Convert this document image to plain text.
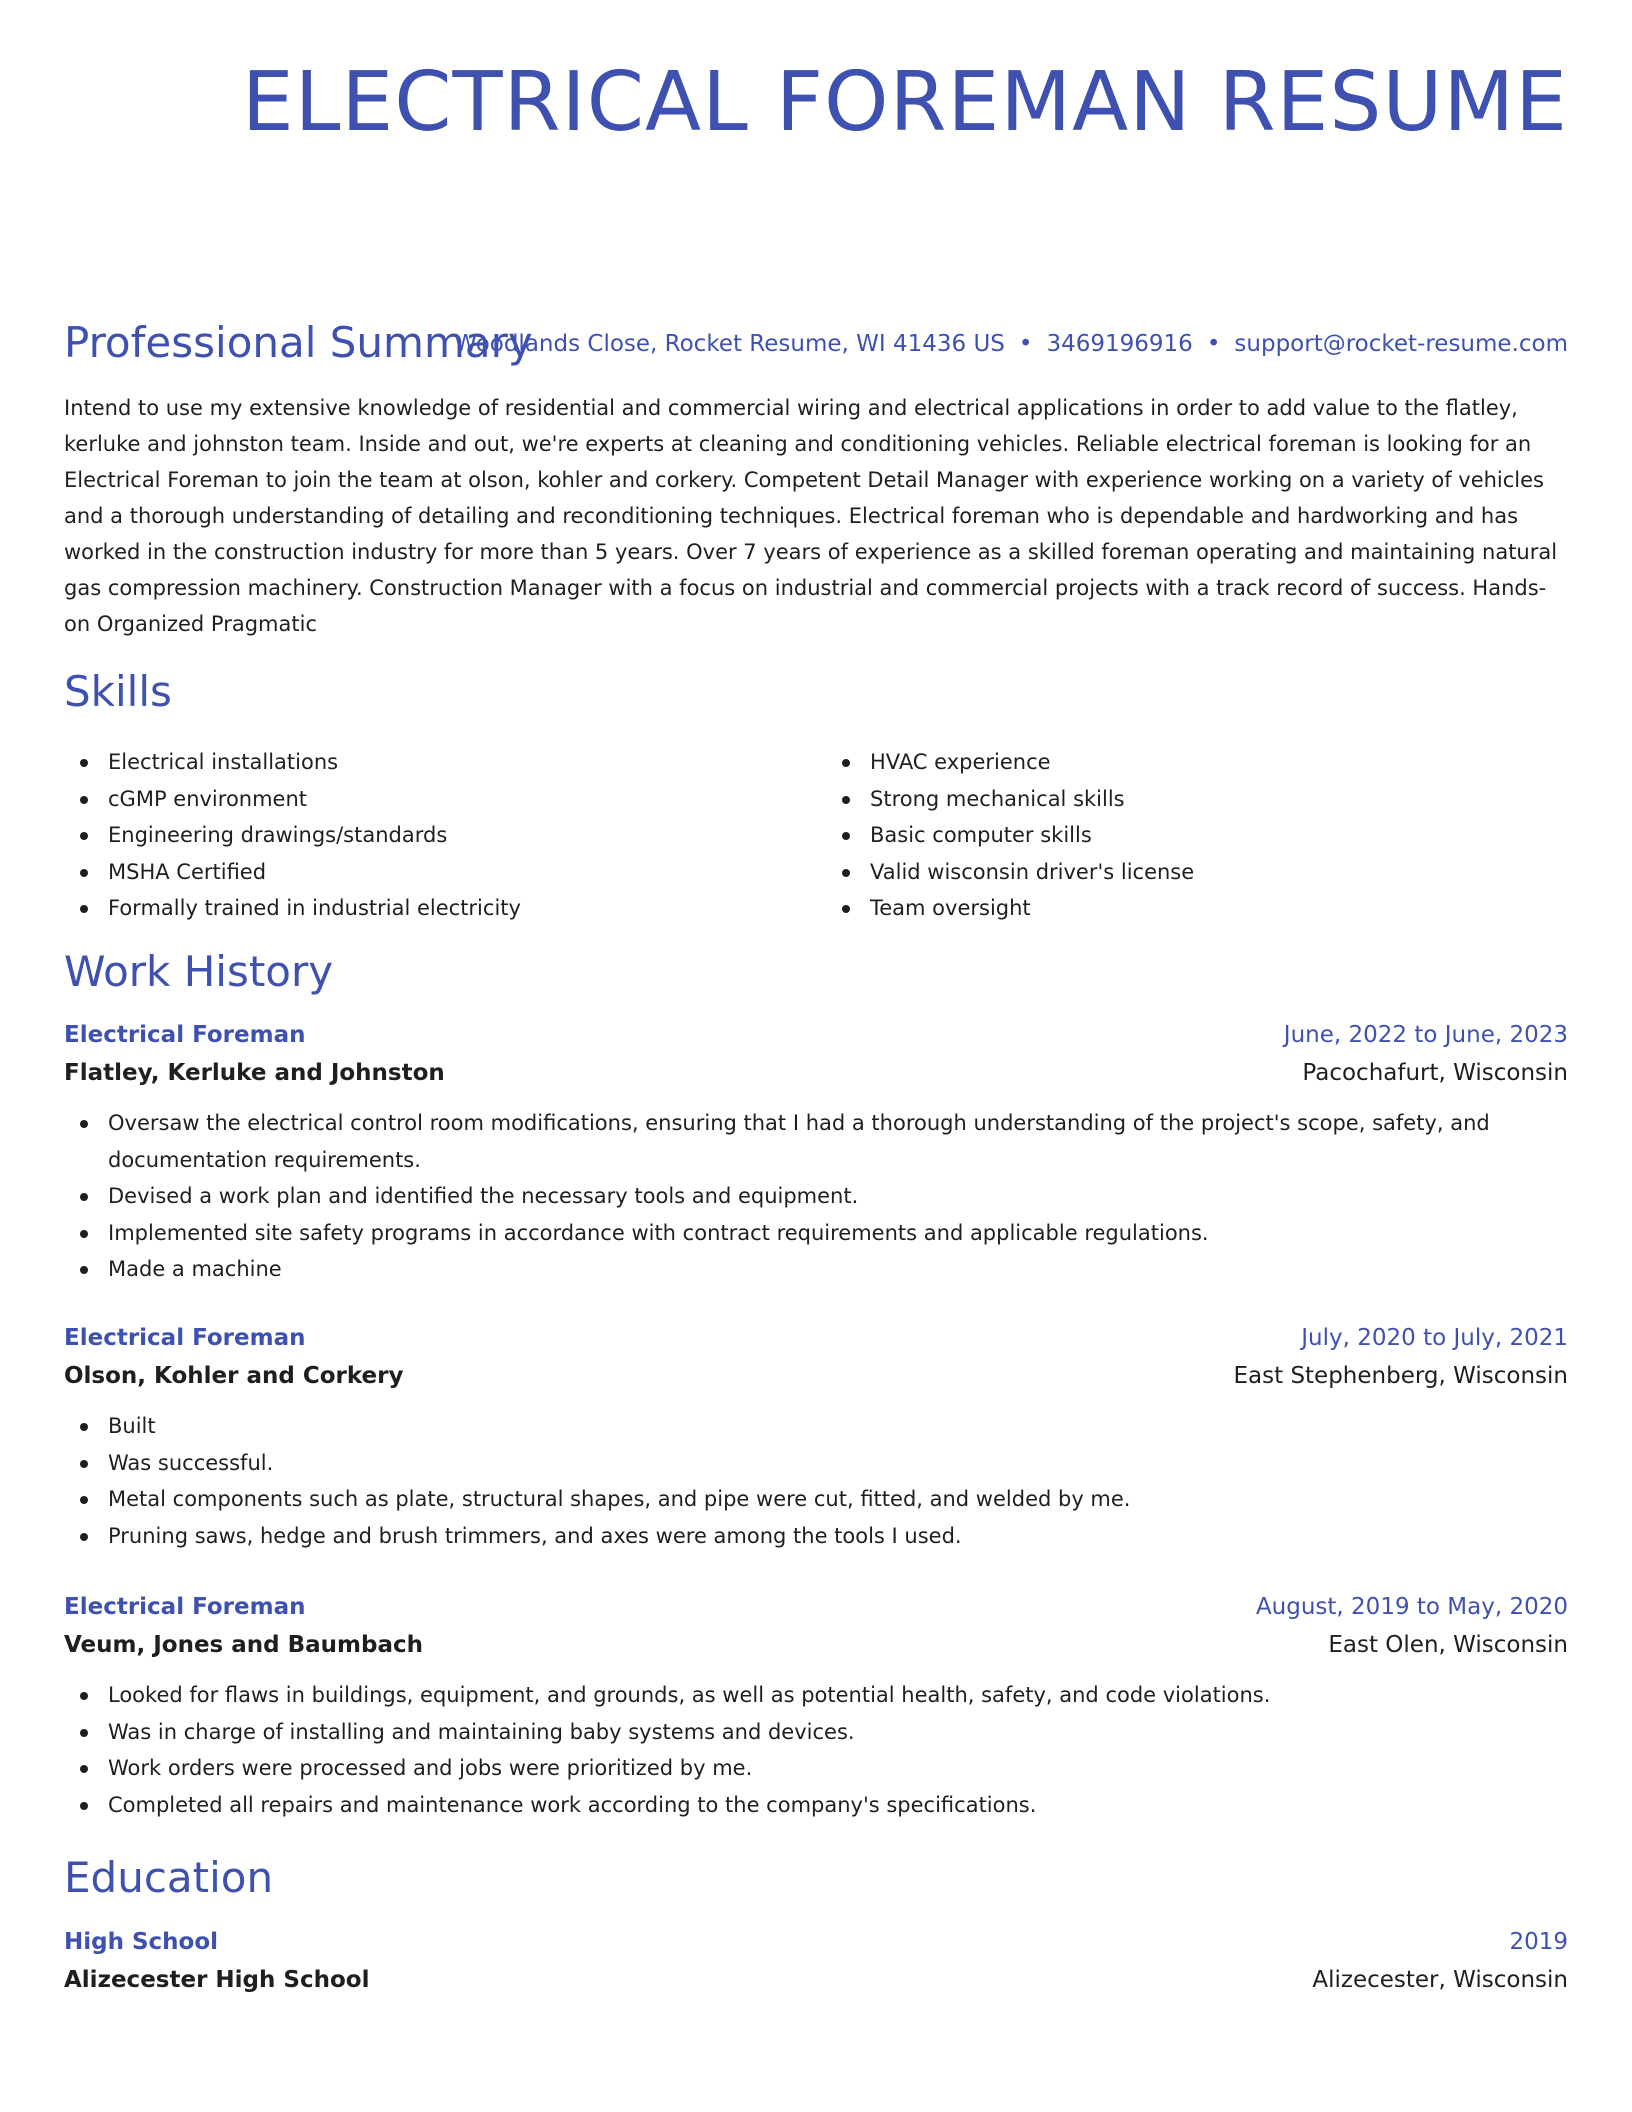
ELECTRICAL FOREMAN RESUME
Woodlands Close, Rocket Resume, WI 41436 US • 3469196916 • support@rocket-resume.com
Professional Summary

Intend to use my extensive knowledge of residential and commercial wiring and electrical applications in order to add value to the flatley, kerluke and johnston team. Inside and out, we're experts at cleaning and conditioning vehicles. Reliable electrical foreman is looking for an Electrical Foreman to join the team at olson, kohler and corkery. Competent Detail Manager with experience working on a variety of vehicles and a thorough understanding of detailing and reconditioning techniques. Electrical foreman who is dependable and hardworking and has worked in the construction industry for more than 5 years. Over 7 years of experience as a skilled foreman operating and maintaining natural gas compression machinery. Construction Manager with a focus on industrial and commercial projects with a track record of success. Hands-on Organized Pragmatic

Skills
Electrical installations
cGMP environment
Engineering drawings/standards
MSHA Certified
Formally trained in industrial electricity
HVAC experience
Strong mechanical skills
Basic computer skills
Valid wisconsin driver's license
Team oversight
Work History
Electrical Foreman	June, 2022 to June, 2023
Flatley, Kerluke and Johnston	Pacochafurt, Wisconsin
Oversaw the electrical control room modifications, ensuring that I had a thorough understanding of the project's scope, safety, and documentation requirements.
Devised a work plan and identified the necessary tools and equipment.
Implemented site safety programs in accordance with contract requirements and applicable regulations.
Made a machine
Electrical Foreman	July, 2020 to July, 2021
Olson, Kohler and Corkery	East Stephenberg, Wisconsin
Built
Was successful.
Metal components such as plate, structural shapes, and pipe were cut, fitted, and welded by me.
Pruning saws, hedge and brush trimmers, and axes were among the tools I used.
Electrical Foreman	August, 2019 to May, 2020
Veum, Jones and Baumbach	East Olen, Wisconsin
Looked for flaws in buildings, equipment, and grounds, as well as potential health, safety, and code violations.
Was in charge of installing and maintaining baby systems and devices.
Work orders were processed and jobs were prioritized by me.
Completed all repairs and maintenance work according to the company's specifications.
Education
High School	2019
Alizecester High School	Alizecester, Wisconsin
